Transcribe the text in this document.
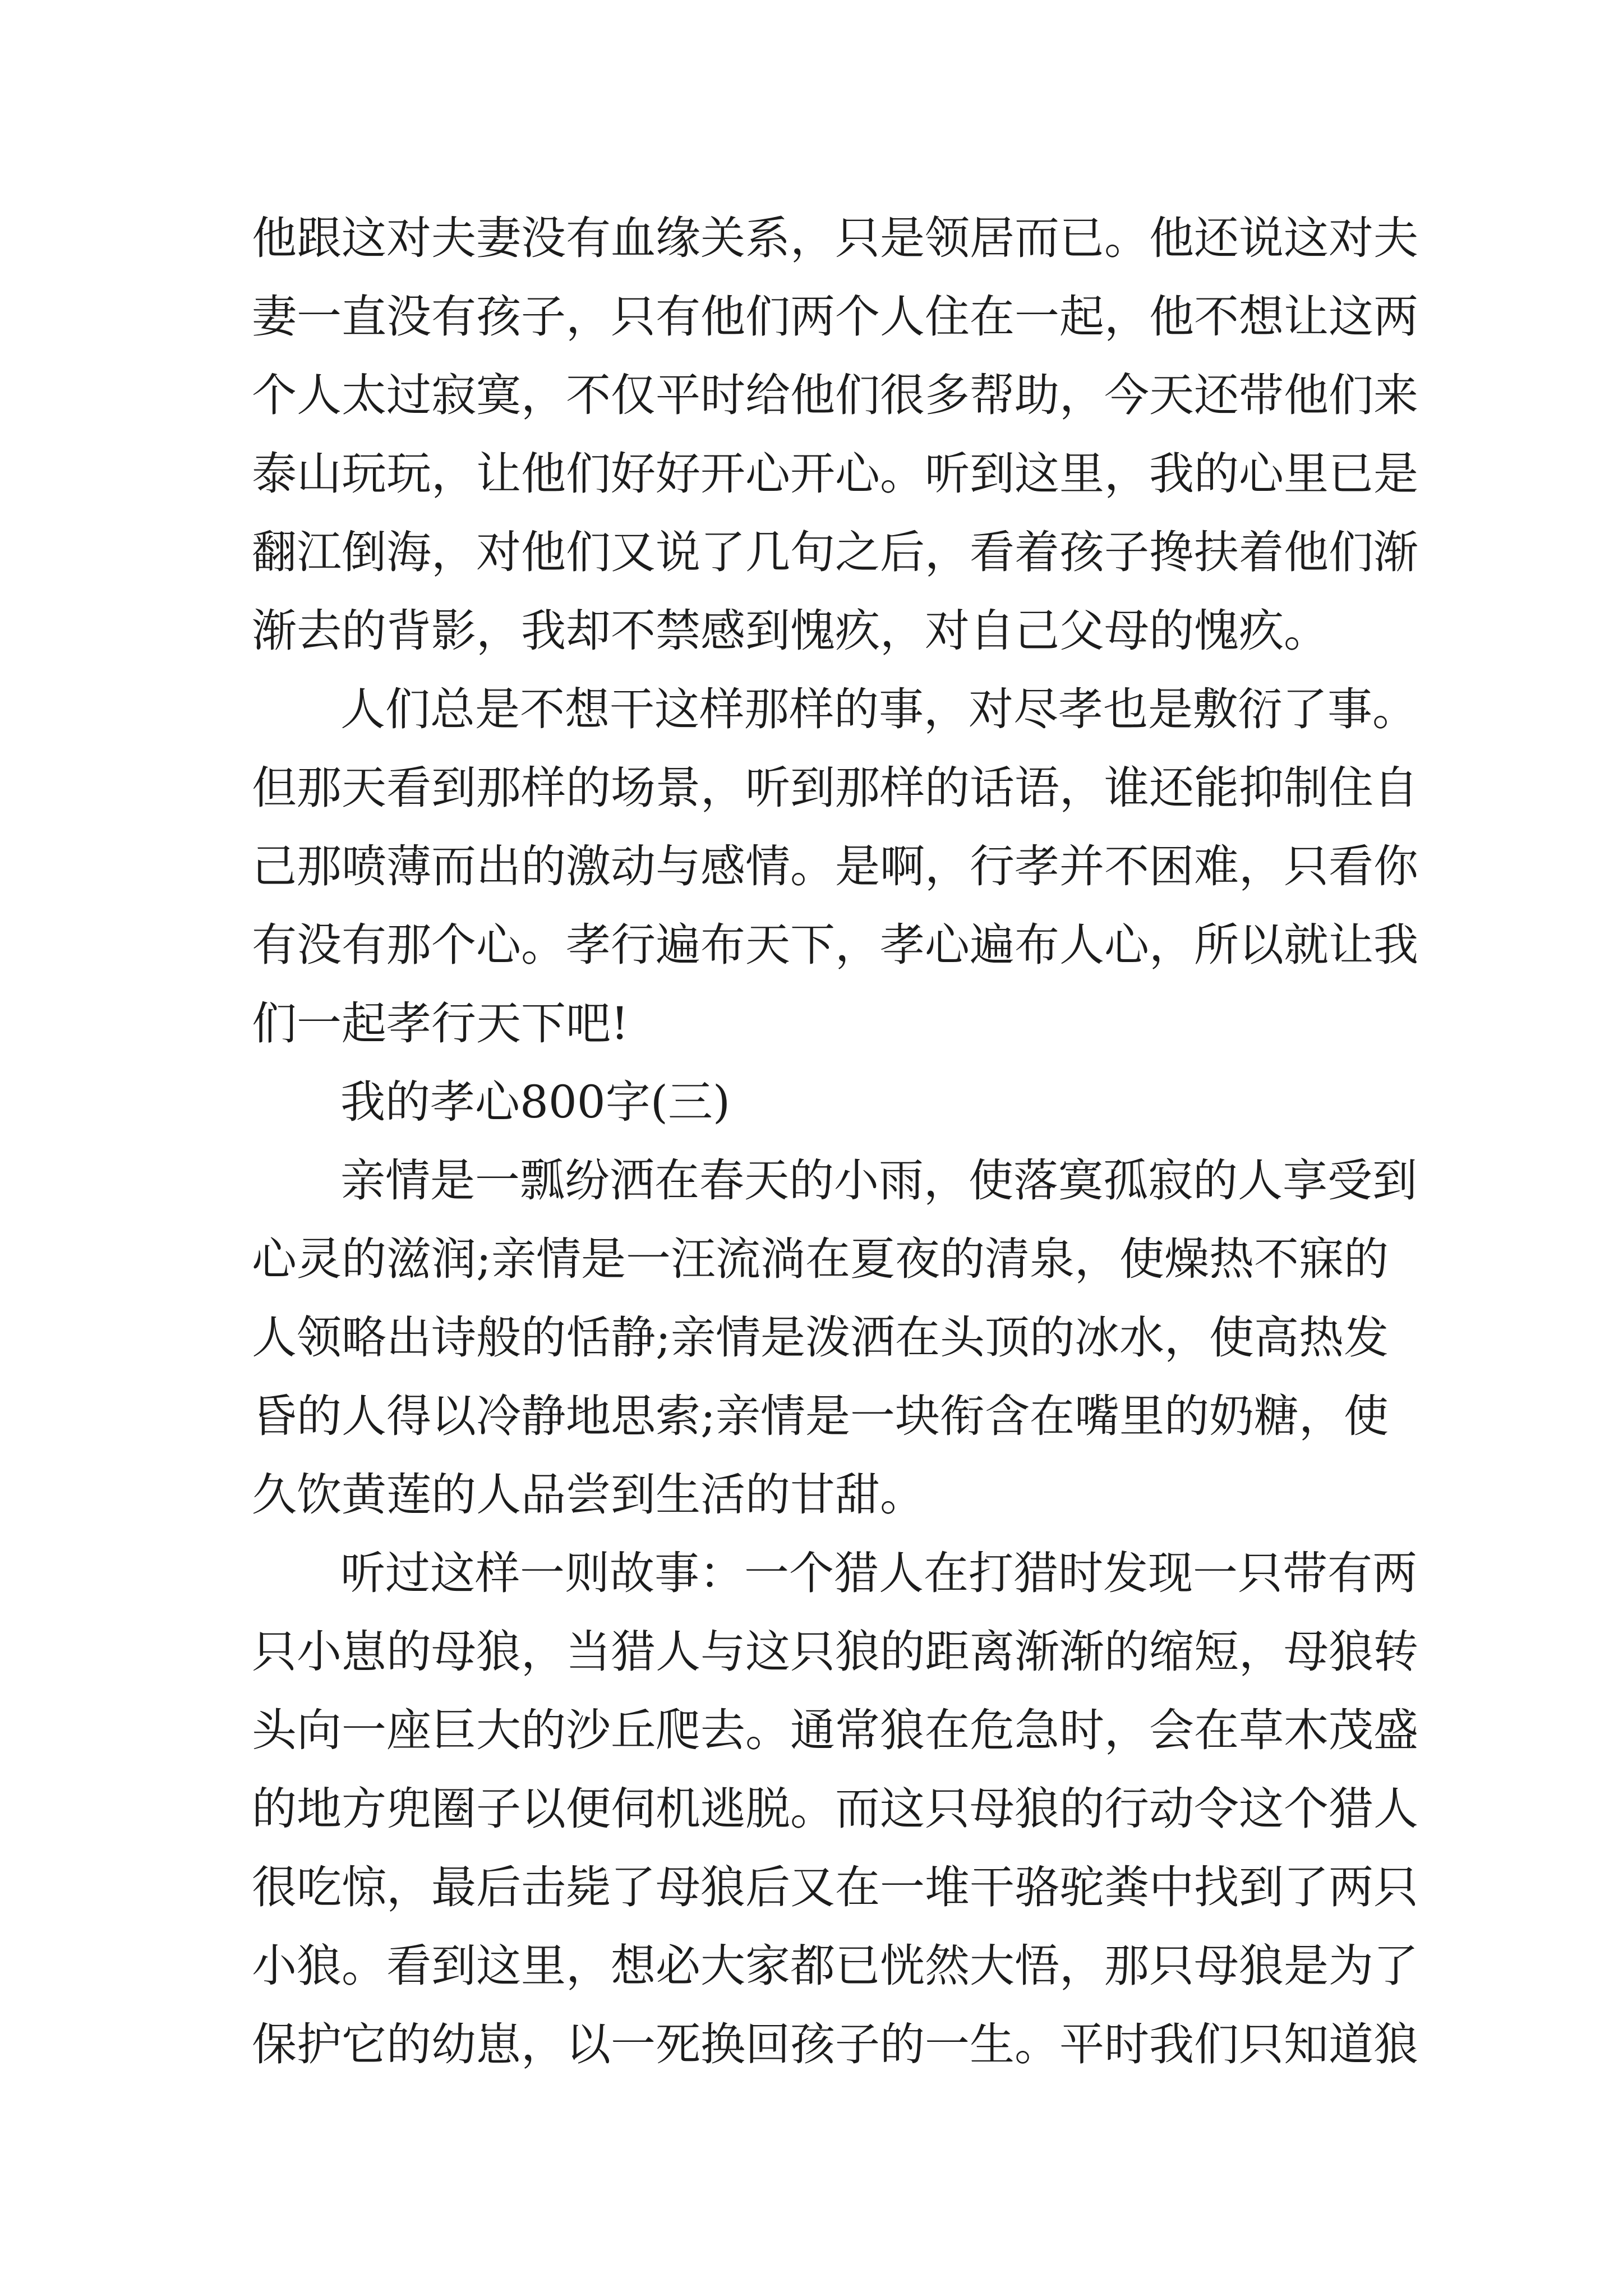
他跟这对夫妻没有血缘关系，只是领居而已。他还说这对夫
妻一直没有孩子，只有他们两个人住在一起，他不想让这两
个人太过寂寞，不仅平时给他们很多帮助，今天还带他们来
泰山玩玩，让他们好好开心开心。听到这里，我的心里已是
翻江倒海，对他们又说了几句之后，看着孩子搀扶着他们渐
渐去的背影，我却不禁感到愧疚，对自己父母的愧疚。
人们总是不想干这样那样的事，对尽孝也是敷衍了事。
但那天看到那样的场景，听到那样的话语，谁还能抑制住自
己那喷薄而出的激动与感情。是啊，行孝并不困难，只看你
有没有那个心。孝行遍布天下，孝心遍布人心，所以就让我
们一起孝行天下吧!
我的孝心800字(三)
亲情是一瓢纷洒在春天的小雨，使落寞孤寂的人享受到
心灵的滋润;亲情是一汪流淌在夏夜的清泉，使燥热不寐的
人领略出诗般的恬静;亲情是泼洒在头顶的冰水，使高热发
昏的人得以冷静地思索;亲情是一块衔含在嘴里的奶糖，使
久饮黄莲的人品尝到生活的甘甜。
听过这样一则故事：一个猎人在打猎时发现一只带有两
只小崽的母狼，当猎人与这只狼的距离渐渐的缩短，母狼转
头向一座巨大的沙丘爬去。通常狼在危急时，会在草木茂盛
的地方兜圈子以便伺机逃脱。而这只母狼的行动令这个猎人
很吃惊，最后击毙了母狼后又在一堆干骆驼粪中找到了两只
小狼。看到这里，想必大家都已恍然大悟，那只母狼是为了
保护它的幼崽，以一死换回孩子的一生。平时我们只知道狼
